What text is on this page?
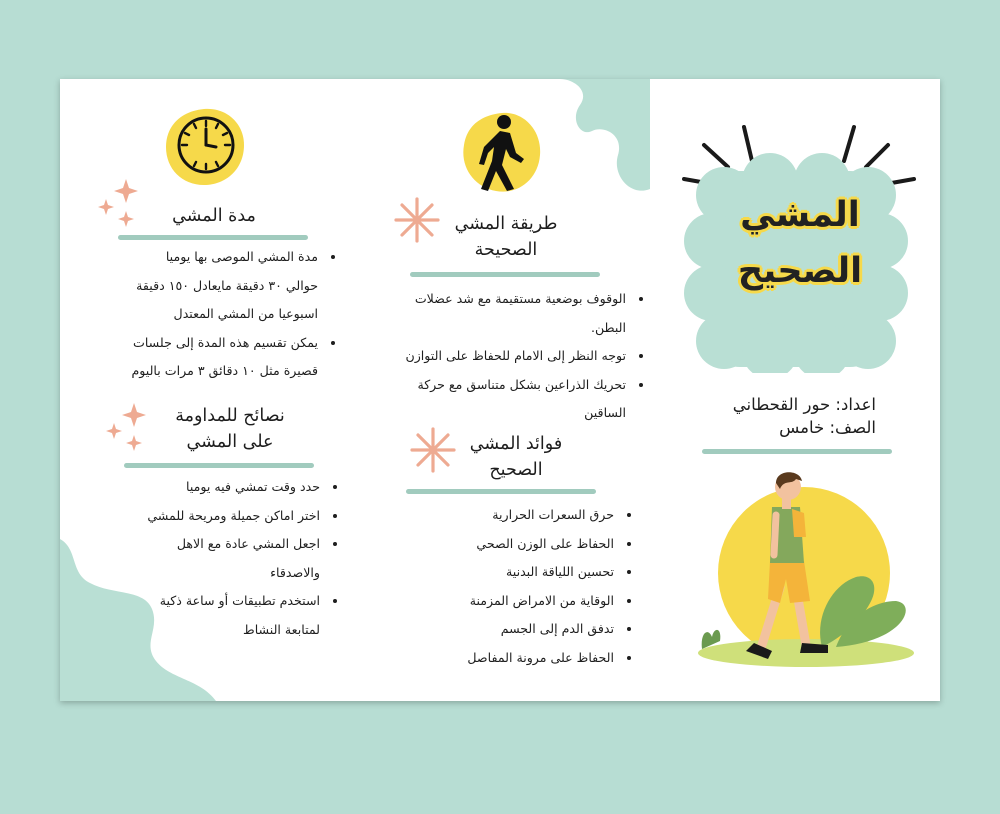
المشي
الصحيح
اعداد: حور القحطاني
الصف: خامس
طريقة المشي
الصحيحة
• الوقوف بوضعية مستقيمة مع شد عضلات
البطن.
• توجه النظر إلى الامام للحفاظ على التوازن
• تحريك الذراعين بشكل متناسق مع حركة
الساقين
فوائد المشي
الصحيح
• حرق السعرات الحرارية
• الحفاظ على الوزن الصحي
• تحسين اللياقة البدنية
• الوقاية من الامراض المزمنة
• تدفق الدم إلى الجسم
• الحفاظ على مرونة المفاصل
مدة المشي
• مدة المشي الموصى بها يوميا
حوالي ٣٠ دقيقة مايعادل ١٥٠ دقيقة
اسبوعيا من المشي المعتدل
• يمكن تقسيم هذه المدة إلى جلسات
قصيرة مثل ١٠ دقائق ٣ مرات باليوم
نصائح للمداومة
على المشي
• حدد وقت تمشي فيه يوميا
• اختر اماكن جميلة ومريحة للمشي
• اجعل المشي عادة مع الاهل
والاصدقاء
• استخدم تطبيقات أو ساعة ذكية
لمتابعة النشاط
